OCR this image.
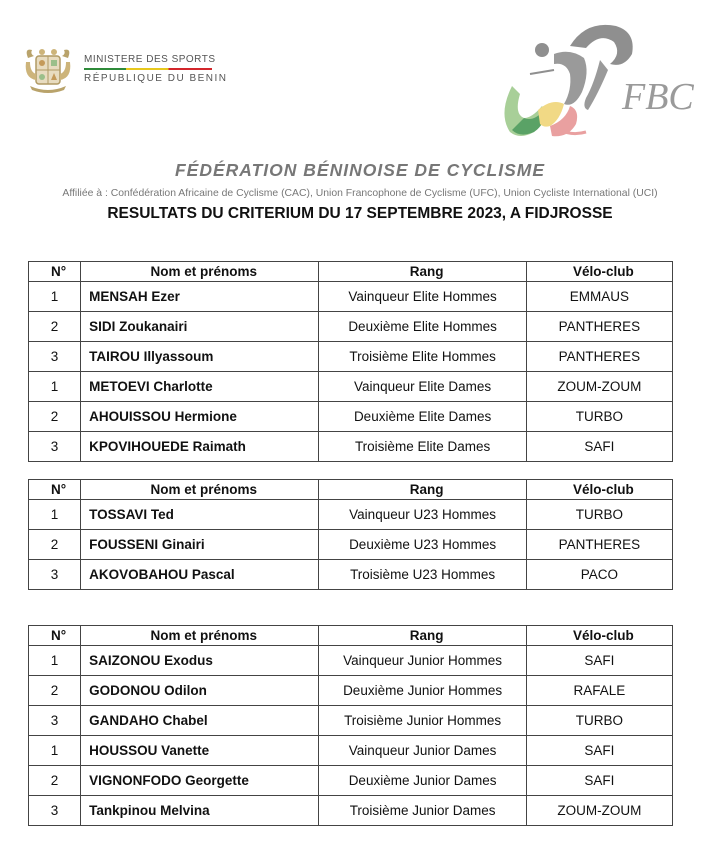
MINISTERE DES SPORTS
RÉPUBLIQUE DU BENIN	FBC
FÉDÉRATION BÉNINOISE DE CYCLISME
Affiliée à : Confédération Africaine de Cyclisme (CAC), Union Francophone de Cyclisme (UFC), Union Cycliste International (UCI)
RESULTATS DU CRITERIUM DU 17 SEPTEMBRE 2023, A FIDJROSSE
N°	Nom et prénoms	Rang	Vélo-club
1	MENSAH Ezer	Vainqueur Elite Hommes	EMMAUS
2	SIDI Zoukanairi	Deuxième Elite Hommes	PANTHERES
3	TAIROU Illyassoum	Troisième Elite Hommes	PANTHERES
1	METOEVI Charlotte	Vainqueur Elite Dames	ZOUM-ZOUM
2	AHOUISSOU Hermione	Deuxième Elite Dames	TURBO
3	KPOVIHOUEDE Raimath	Troisième Elite Dames	SAFI
N°	Nom et prénoms	Rang	Vélo-club
1	TOSSAVI Ted	Vainqueur U23 Hommes	TURBO
2	FOUSSENI Ginairi	Deuxième U23 Hommes	PANTHERES
3	AKOVOBAHOU Pascal	Troisième U23 Hommes	PACO
N°	Nom et prénoms	Rang	Vélo-club
1	SAIZONOU Exodus	Vainqueur Junior Hommes	SAFI
2	GODONOU Odilon	Deuxième Junior Hommes	RAFALE
3	GANDAHO Chabel	Troisième Junior Hommes	TURBO
1	HOUSSOU Vanette	Vainqueur Junior Dames	SAFI
2	VIGNONFODO Georgette	Deuxième Junior Dames	SAFI
3	Tankpinou Melvina	Troisième Junior Dames	ZOUM-ZOUM
